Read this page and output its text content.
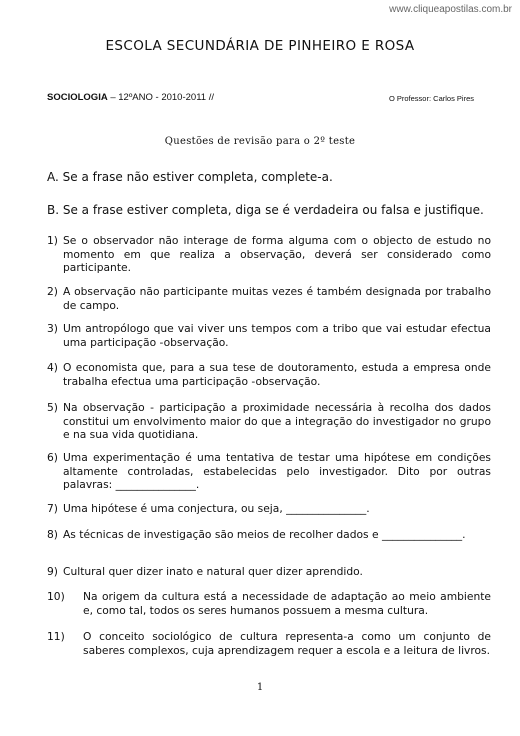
www.cliqueapostilas.com.br
ESCOLA SECUNDÁRIA DE PINHEIRO E ROSA
SOCIOLOGIA – 12ºANO - 2010-2011 //	O Professor: Carlos Pires
Questões de revisão para o 2º teste
A. Se a frase não estiver completa, complete-a.
B. Se a frase estiver completa, diga se é verdadeira ou falsa e justifique.
1) Se o observador não interage de forma alguma com o objecto de estudo no momento em que realiza a observação, deverá ser considerado como participante.
2) A observação não participante muitas vezes é também designada por trabalho de campo.
3) Um antropólogo que vai viver uns tempos com a tribo que vai estudar efectua uma participação -observação.
4) O economista que, para a sua tese de doutoramento, estuda a empresa onde trabalha efectua uma participação -observação.
5) Na observação - participação a proximidade necessária à recolha dos dados constitui um envolvimento maior do que a integração do investigador no grupo e na sua vida quotidiana.
6) Uma experimentação é uma tentativa de testar uma hipótese em condições altamente controladas, estabelecidas pelo investigador. Dito por outras palavras: _______________.
7) Uma hipótese é uma conjectura, ou seja, _______________.
8) As técnicas de investigação são meios de recolher dados e _______________.
9) Cultural quer dizer inato e natural quer dizer aprendido.
10)	Na origem da cultura está a necessidade de adaptação ao meio ambiente e, como tal, todos os seres humanos possuem a mesma cultura.
11)	O conceito sociológico de cultura representa-a como um conjunto de saberes complexos, cuja aprendizagem requer a escola e a leitura de livros.
1
